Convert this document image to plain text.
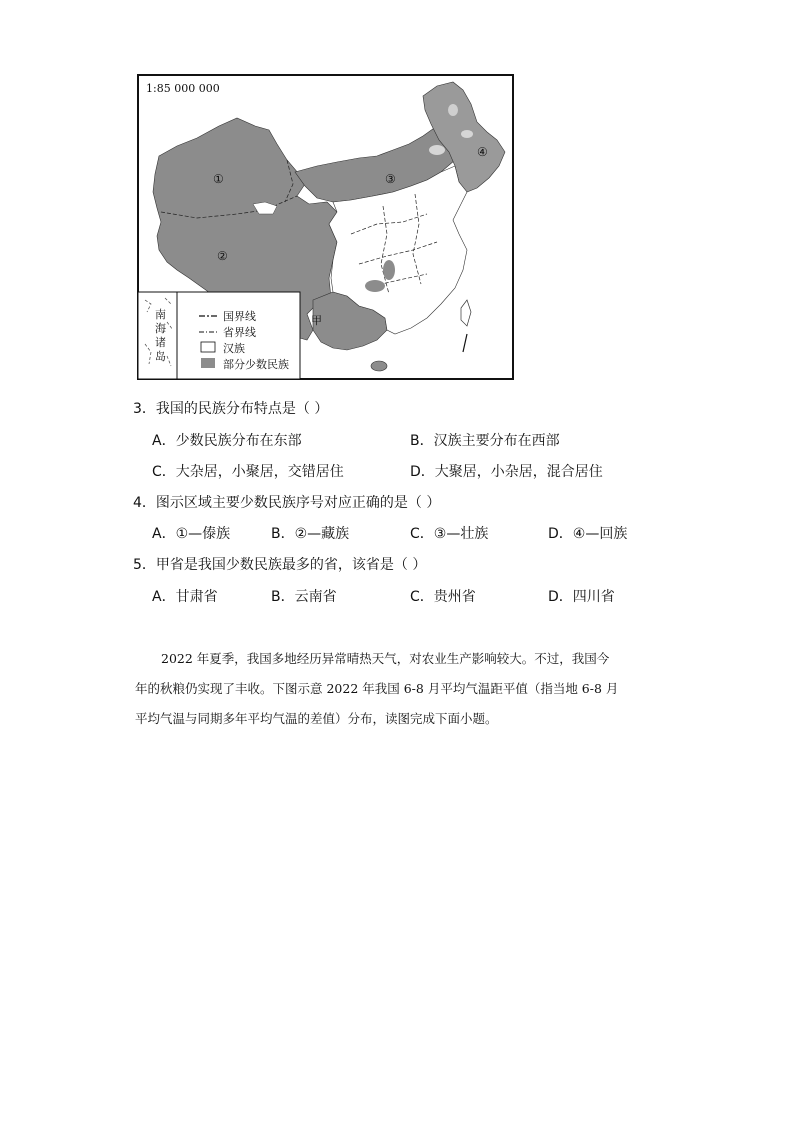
1:85 000 000
①
②
③
④
甲
南
海
诸
岛
国界线
省界线
汉族
部分少数民族
3．我国的民族分布特点是（ ）
A．少数民族分布在东部	B．汉族主要分布在西部
C．大杂居，小聚居，交错居住	D．大聚居，小杂居，混合居住
4．图示区域主要少数民族序号对应正确的是（ ）
A．①—傣族	B．②—藏族	C．③—壮族	D．④—回族
5．甲省是我国少数民族最多的省，该省是（ ）
A．甘肃省	B．云南省	C．贵州省	D．四川省
2022 年夏季，我国多地经历异常晴热天气，对农业生产影响较大。不过，我国今
年的秋粮仍实现了丰收。下图示意 2022 年我国 6-8 月平均气温距平值（指当地 6-8 月
平均气温与同期多年平均气温的差值）分布，读图完成下面小题。
